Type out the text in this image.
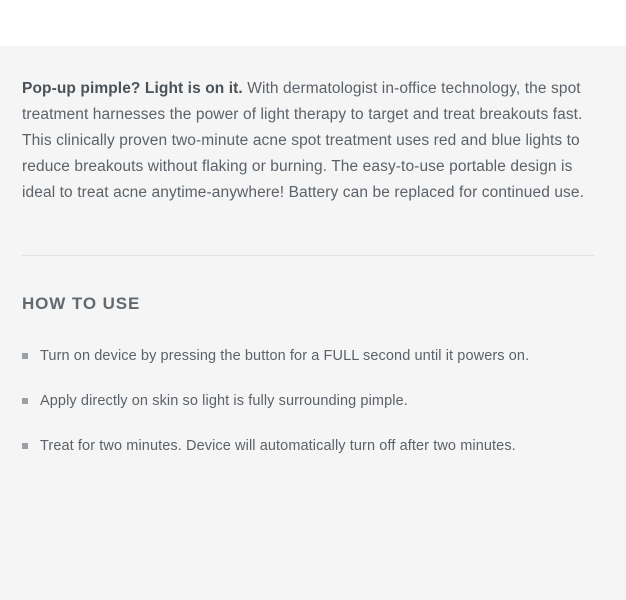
Pop-up pimple? Light is on it. With dermatologist in-office technology, the spot treatment harnesses the power of light therapy to target and treat breakouts fast. This clinically proven two-minute acne spot treatment uses red and blue lights to reduce breakouts without flaking or burning. The easy-to-use portable design is ideal to treat acne anytime-anywhere! Battery can be replaced for continued use.

HOW TO USE
Turn on device by pressing the button for a FULL second until it powers on.
Apply directly on skin so light is fully surrounding pimple.
Treat for two minutes. Device will automatically turn off after two minutes.
